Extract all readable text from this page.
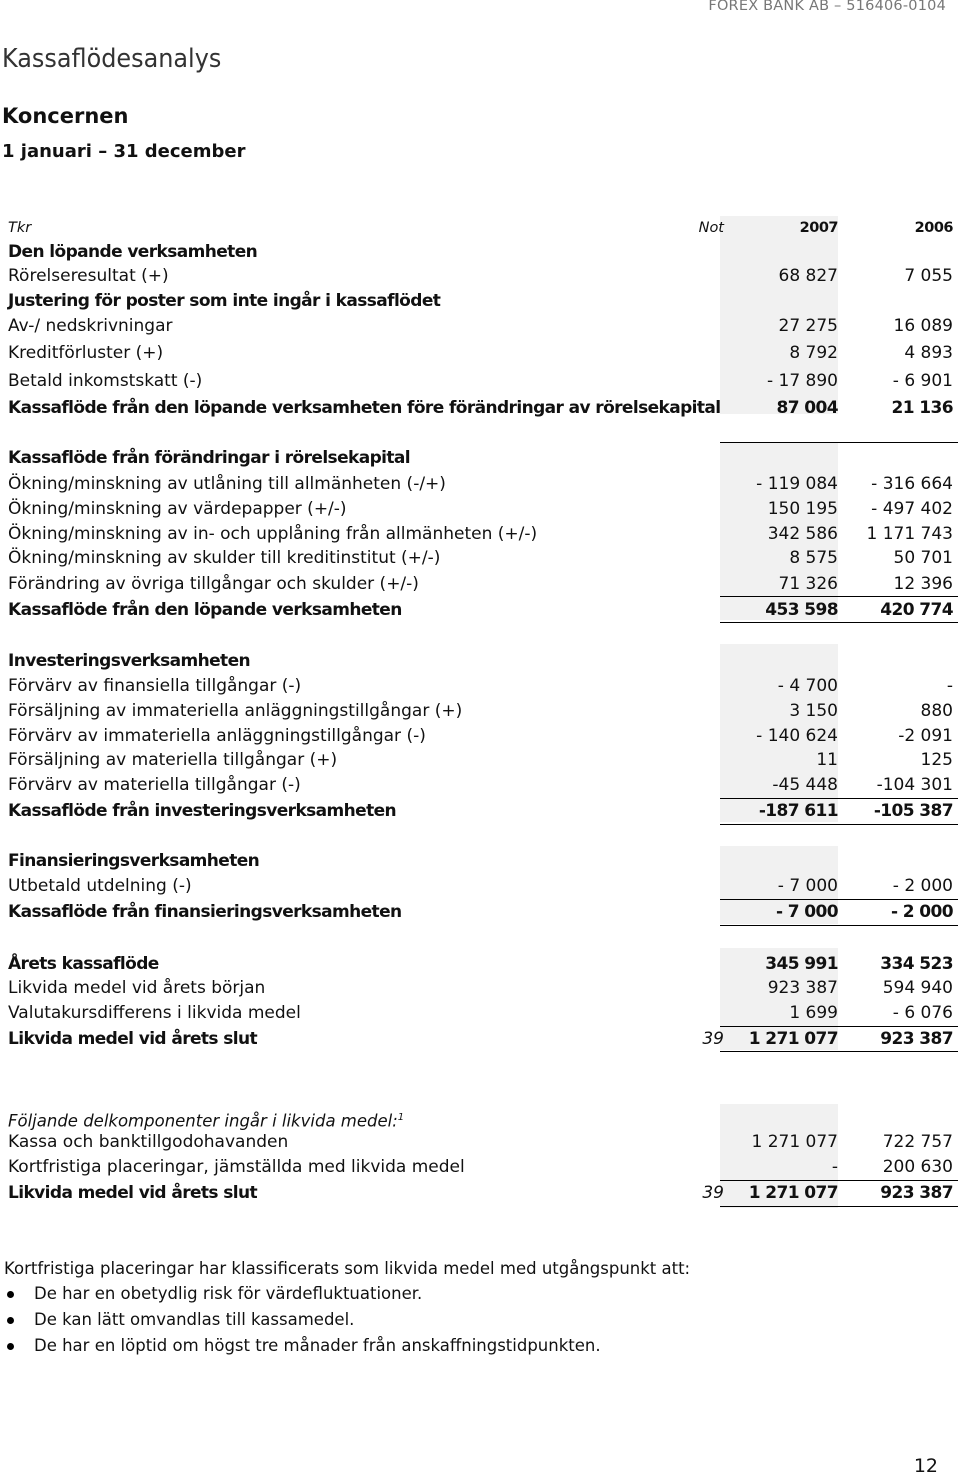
FOREX BANK AB – 516406-0104
Kassaflödesanalys
Koncernen
1 januari – 31 december
Tkr	Not	2007	2006
Den löpande verksamheten
Rörelseresultat (+)	68 827	7 055
Justering för poster som inte ingår i kassaflödet
Av-/ nedskrivningar	27 275	16 089
Kreditförluster (+)	8 792	4 893
Betald inkomstskatt (-)	- 17 890	- 6 901
Kassaflöde från den löpande verksamheten före förändringar av rörelsekapital	87 004	21 136
Kassaflöde från förändringar i rörelsekapital
Ökning/minskning av utlåning till allmänheten (-/+)	- 119 084	- 316 664
Ökning/minskning av värdepapper (+/-)	150 195	- 497 402
Ökning/minskning av in- och upplåning från allmänheten (+/-)	342 586	1 171 743
Ökning/minskning av skulder till kreditinstitut (+/-)	8 575	50 701
Förändring av övriga tillgångar och skulder (+/-)	71 326	12 396
Kassaflöde från den löpande verksamheten	453 598	420 774
Investeringsverksamheten
Förvärv av finansiella tillgångar (-)	- 4 700	-
Försäljning av immateriella anläggningstillgångar (+)	3 150	880
Förvärv av immateriella anläggningstillgångar (-)	- 140 624	-2 091
Försäljning av materiella tillgångar (+)	11	125
Förvärv av materiella tillgångar (-)	-45 448	-104 301
Kassaflöde från investeringsverksamheten	-187 611	-105 387
Finansieringsverksamheten
Utbetald utdelning (-)	- 7 000	- 2 000
Kassaflöde från finansieringsverksamheten	- 7 000	- 2 000
Årets kassaflöde	345 991	334 523
Likvida medel vid årets början	923 387	594 940
Valutakursdifferens i likvida medel	1 699	- 6 076
Likvida medel vid årets slut	39	1 271 077	923 387
Följande delkomponenter ingår i likvida medel:$^1$
Kassa och banktillgodohavanden	1 271 077	722 757
Kortfristiga placeringar, jämställda med likvida medel	-	200 630
Likvida medel vid årets slut	39	1 271 077	923 387
Kortfristiga placeringar har klassificerats som likvida medel med utgångspunkt att:
De har en obetydlig risk för värdefluktuationer.
De kan lätt omvandlas till kassamedel.
De har en löptid om högst tre månader från anskaffningstidpunkten.
12
